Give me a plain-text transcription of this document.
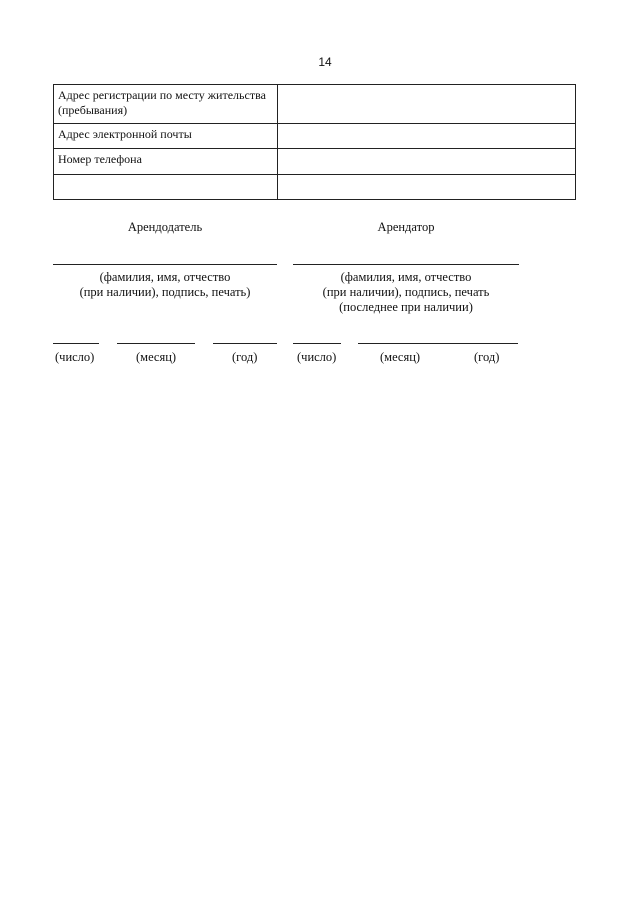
14
Адрес регистрации по месту жительства (пребывания)	
Адрес электронной почты	
Номер телефона	

Арендодатель
(фамилия, имя, отчество
(при наличии), подпись, печать)
Арендатор
(фамилия, имя, отчество
(при наличии), подпись, печать
(последнее при наличии)
(число)	(месяц)	(год)	(число)	(месяц)	(год)
